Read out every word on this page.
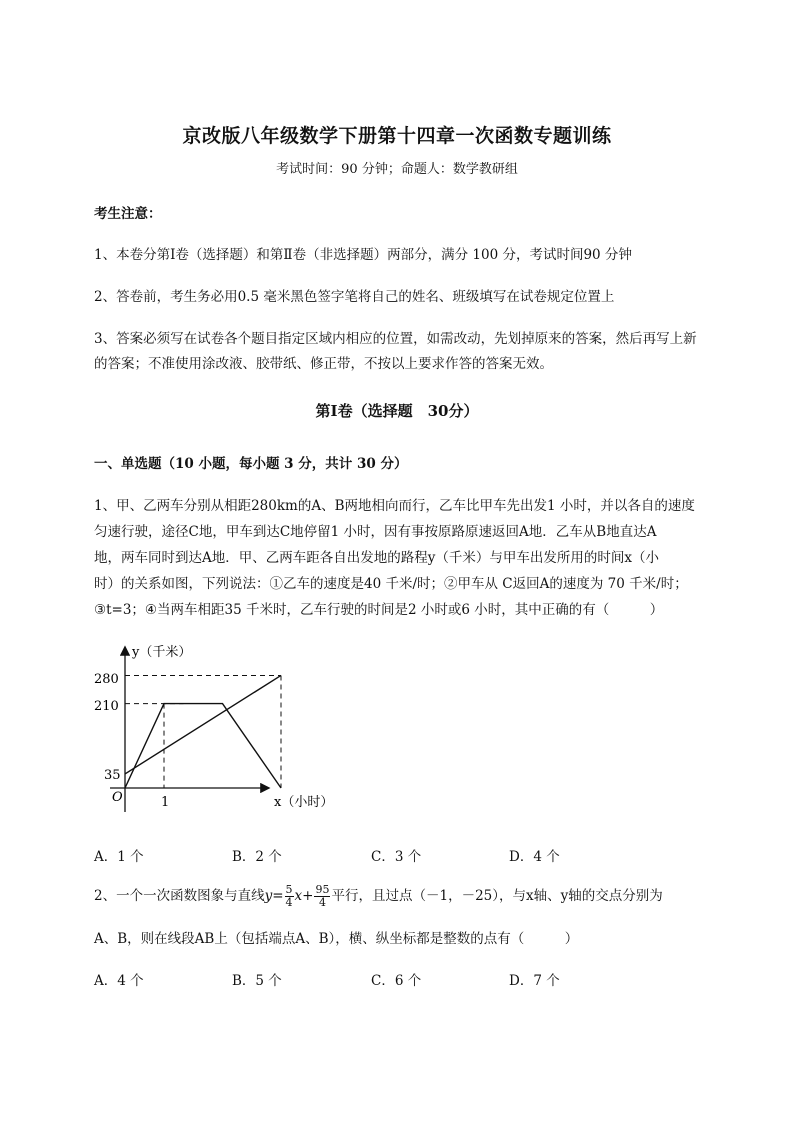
京改版八年级数学下册第十四章一次函数专题训练
考试时间：90 分钟；命题人：数学教研组
考生注意：
1、本卷分第Ⅰ卷（选择题）和第Ⅱ卷（非选择题）两部分，满分 100 分，考试时间90 分钟
2、答卷前，考生务必用0.5 毫米黑色签字笔将自己的姓名、班级填写在试卷规定位置上
3、答案必须写在试卷各个题目指定区域内相应的位置，如需改动，先划掉原来的答案，然后再写上新
的答案；不准使用涂改液、胶带纸、修正带，不按以上要求作答的答案无效。
第Ⅰ卷（选择题　30分）
一、单选题（10 小题，每小题 3 分，共计 30 分）
1、甲、乙两车分别从相距280km的A、B两地相向而行，乙车比甲车先出发1 小时，并以各自的速度
匀速行驶，途径C地，甲车到达C地停留1 小时，因有事按原路原速返回A地．乙车从B地直达A
地，两车同时到达A地．甲、乙两车距各自出发地的路程y（千米）与甲车出发所用的时间x（小
时）的关系如图，下列说法：①乙车的速度是40 千米/时；②甲车从 C返回A的速度为 70 千米/时；
③t=3；④当两车相距35 千米时，乙车行驶的时间是2 小时或6 小时，其中正确的有（　　　）
y（千米）
x（小时）
O
280
210
35
1
A．1 个	B．2 个	C．3 个	D．4 个
2、一个一次函数图象与直线$y= \frac{5}{4} x+ \frac{95}{4}$ 平行，且过点（－1，－25），与x轴、y轴的交点分别为
A、B，则在线段AB上（包括端点A、B），横、纵坐标都是整数的点有（　　　）
A．4 个	B．5 个	C．6 个	D．7 个
